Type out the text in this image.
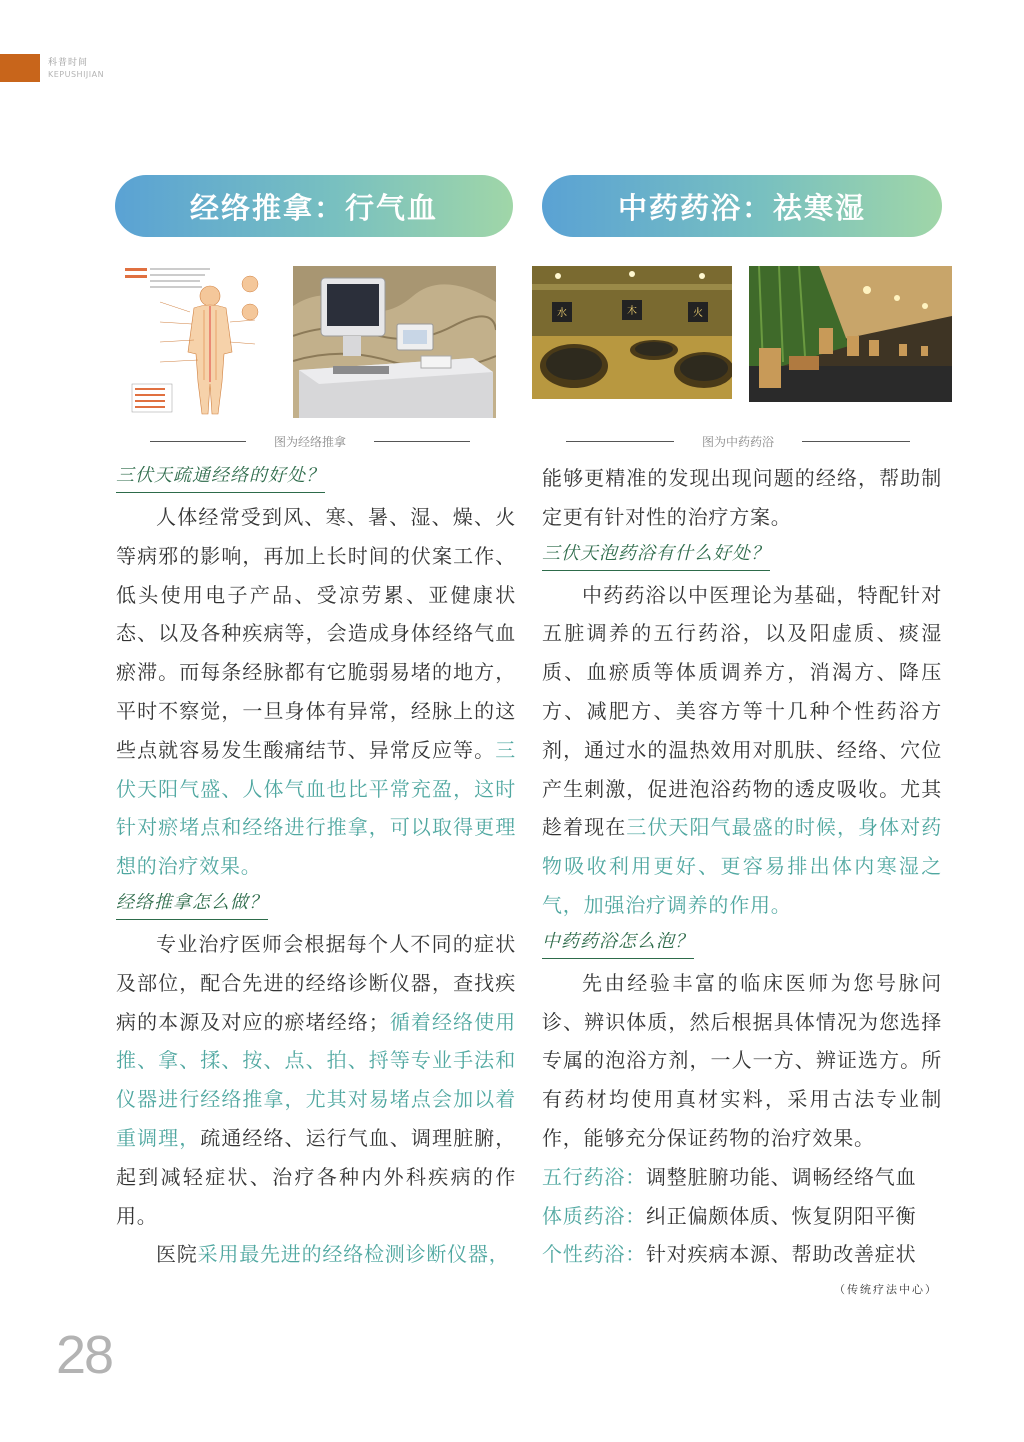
科普时间
KEPUSHIJIAN
经络推拿：行气血	中药药浴：祛寒湿
水	木	火
图为经络推拿	图为中药药浴
三伏天疏通经络的好处？

人体经常受到风、寒、暑、湿、燥、火等病邪的影响，再加上长时间的伏案工作、低头使用电子产品、受凉劳累、亚健康状态、以及各种疾病等，会造成身体经络气血瘀滞。而每条经脉都有它脆弱易堵的地方，平时不察觉，一旦身体有异常，经脉上的这些点就容易发生酸痛结节、异常反应等。三伏天阳气盛、人体气血也比平常充盈，这时针对瘀堵点和经络进行推拿，可以取得更理想的治疗效果。

经络推拿怎么做？

专业治疗医师会根据每个人不同的症状及部位，配合先进的经络诊断仪器，查找疾病的本源及对应的瘀堵经络；循着经络使用推、拿、揉、按、点、拍、捋等专业手法和仪器进行经络推拿，尤其对易堵点会加以着重调理，疏通经络、运行气血、调理脏腑，起到减轻症状、治疗各种内外科疾病的作用。

医院采用最先进的经络检测诊断仪器，

能够更精准的发现出现问题的经络，帮助制定更有针对性的治疗方案。

三伏天泡药浴有什么好处？

中药药浴以中医理论为基础，特配针对五脏调养的五行药浴，以及阳虚质、痰湿质、血瘀质等体质调养方，消渴方、降压方、减肥方、美容方等十几种个性药浴方剂，通过水的温热效用对肌肤、经络、穴位产生刺激，促进泡浴药物的透皮吸收。尤其趁着现在三伏天阳气最盛的时候，身体对药物吸收利用更好、更容易排出体内寒湿之气，加强治疗调养的作用。

中药药浴怎么泡？

先由经验丰富的临床医师为您号脉问诊、辨识体质，然后根据具体情况为您选择专属的泡浴方剂，一人一方、辨证选方。所有药材均使用真材实料，采用古法专业制作，能够充分保证药物的治疗效果。

五行药浴：调整脏腑功能、调畅经络气血

体质药浴：纠正偏颇体质、恢复阴阳平衡

个性药浴：针对疾病本源、帮助改善症状

（传统疗法中心）
28
